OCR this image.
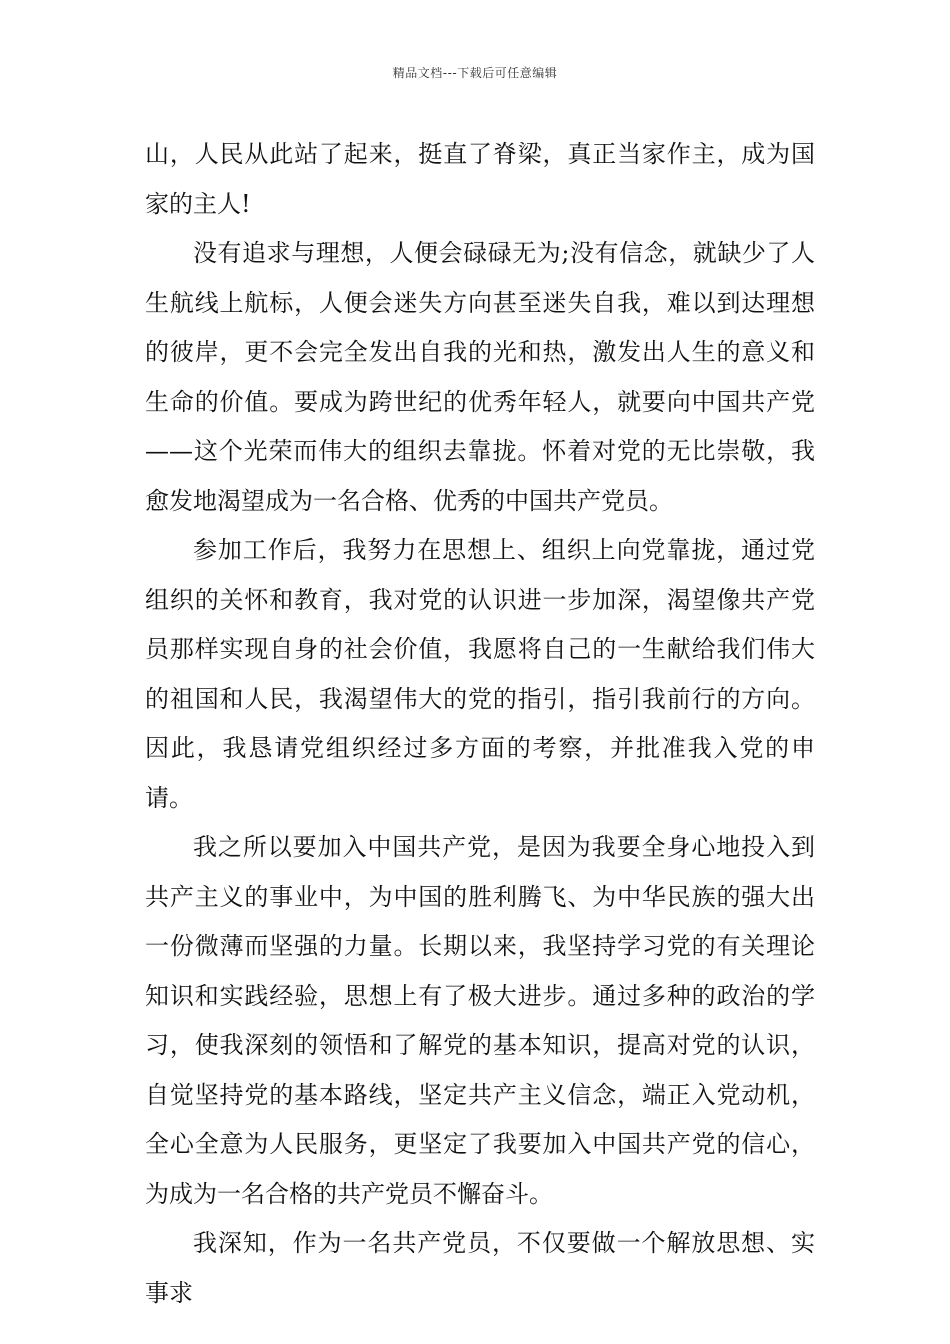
精品文档---下载后可任意编辑

山，人民从此站了起来，挺直了脊梁，真正当家作主，成为国家的主人!

没有追求与理想，人便会碌碌无为;没有信念，就缺少了人生航线上航标，人便会迷失方向甚至迷失自我，难以到达理想的彼岸，更不会完全发出自我的光和热，激发出人生的意义和生命的价值。要成为跨世纪的优秀年轻人，就要向中国共产党——这个光荣而伟大的组织去靠拢。怀着对党的无比崇敬，我愈发地渴望成为一名合格、优秀的中国共产党员。

参加工作后，我努力在思想上、组织上向党靠拢，通过党组织的关怀和教育，我对党的认识进一步加深，渴望像共产党员那样实现自身的社会价值，我愿将自己的一生献给我们伟大的祖国和人民，我渴望伟大的党的指引，指引我前行的方向。因此，我恳请党组织经过多方面的考察，并批准我入党的申请。

我之所以要加入中国共产党，是因为我要全身心地投入到共产主义的事业中，为中国的胜利腾飞、为中华民族的强大出一份微薄而坚强的力量。长期以来，我坚持学习党的有关理论知识和实践经验，思想上有了极大进步。通过多种的政治的学习，使我深刻的领悟和了解党的基本知识，提高对党的认识，自觉坚持党的基本路线，坚定共产主义信念，端正入党动机，全心全意为人民服务，更坚定了我要加入中国共产党的信心，为成为一名合格的共产党员不懈奋斗。

我深知，作为一名共产党员，不仅要做一个解放思想、实事求
